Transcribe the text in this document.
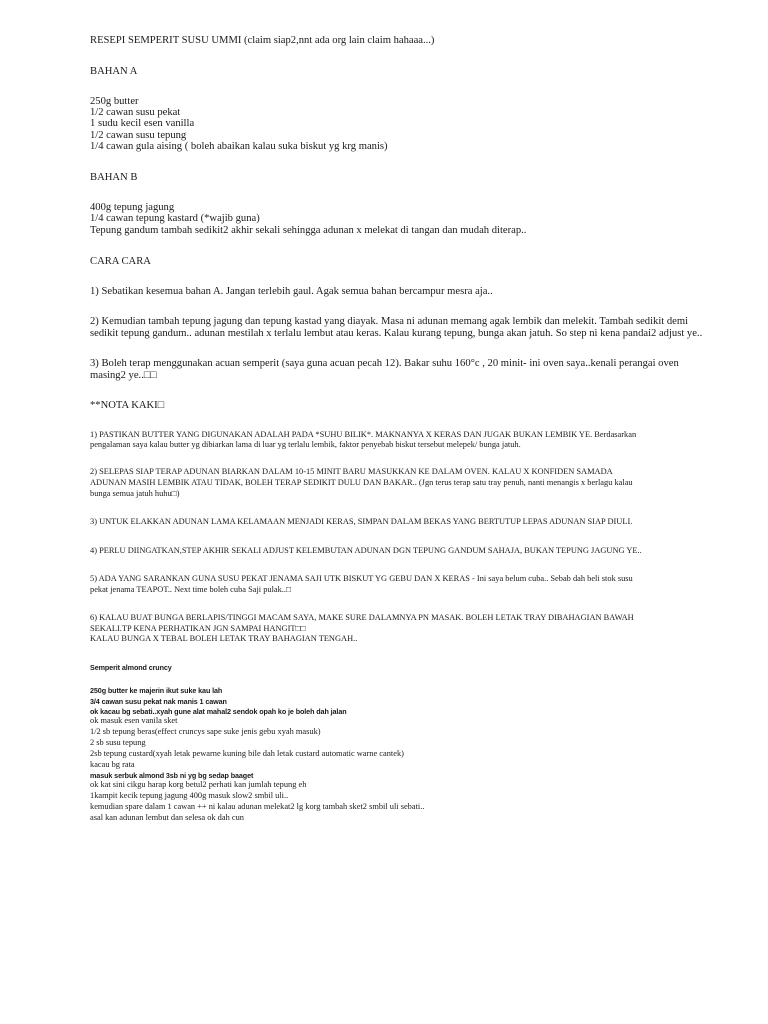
RESEPI SEMPERIT SUSU UMMI (claim siap2,nnt ada org lain claim hahaaa...)

BAHAN A

250g butter

1/2 cawan susu pekat

1 sudu kecil esen vanilla

1/2 cawan susu tepung

1/4 cawan gula aising ( boleh abaikan kalau suka biskut yg krg manis)

BAHAN B

400g tepung jagung

1/4 cawan tepung kastard (*wajib guna)

Tepung gandum tambah sedikit2 akhir sekali sehingga adunan x melekat di tangan dan mudah diterap..

CARA CARA

1) Sebatikan kesemua bahan A. Jangan terlebih gaul. Agak semua bahan bercampur mesra aja..

2) Kemudian tambah tepung jagung dan tepung kastad yang diayak. Masa ni adunan memang agak lembik dan melekit. Tambah sedikit demi

sedikit tepung gandum.. adunan mestilah x terlalu lembut atau keras. Kalau kurang tepung, bunga akan jatuh. So step ni kena pandai2 adjust ye..

3) Boleh terap menggunakan acuan semperit (saya guna acuan pecah 12). Bakar suhu 160°c , 20 minit- ini oven saya..kenali perangai oven

masing2 ye..□□

**NOTA KAKI□

1) PASTIKAN BUTTER YANG DIGUNAKAN ADALAH PADA *SUHU BILIK*. MAKNANYA X KERAS DAN JUGAK BUKAN LEMBIK YE. Berdasarkan

pengalaman saya kalau butter yg dibiarkan lama di luar yg terlalu lembik, faktor penyebab biskut tersebut melepek/ bunga jatuh.

2) SELEPAS SIAP TERAP ADUNAN BIARKAN DALAM 10-15 MINIT BARU MASUKKAN KE DALAM OVEN. KALAU X KONFIDEN SAMADA

ADUNAN MASIH LEMBIK ATAU TIDAK, BOLEH TERAP SEDIKIT DULU DAN BAKAR.. (Jgn terus terap satu tray penuh, nanti menangis x berlagu kalau

bunga semua jatuh huhu□)

3) UNTUK ELAKKAN ADUNAN LAMA KELAMAAN MENJADI KERAS, SIMPAN DALAM BEKAS YANG BERTUTUP LEPAS ADUNAN SIAP DIULI.

4) PERLU DIINGATKAN,STEP AKHIR SEKALI ADJUST KELEMBUTAN ADUNAN DGN TEPUNG GANDUM SAHAJA, BUKAN TEPUNG JAGUNG YE..

5) ADA YANG SARANKAN GUNA SUSU PEKAT JENAMA SAJI UTK BISKUT YG GEBU DAN X KERAS - Ini saya belum cuba.. Sebab dah beli stok susu

pekat jenama TEAPOT.. Next time boleh cuba Saji pulak..□

6) KALAU BUAT BUNGA BERLAPIS/TINGGI MACAM SAYA, MAKE SURE DALAMNYA PN MASAK. BOLEH LETAK TRAY DIBAHAGIAN BAWAH

SEKALI.TP KENA PERHATIKAN JGN SAMPAI HANGIT□□

KALAU BUNGA X TEBAL BOLEH LETAK TRAY BAHAGIAN TENGAH..

Semperit almond cruncy

250g butter ke majerin ikut suke kau lah

3/4 cawan susu pekat nak manis 1 cawan

ok kacau bg sebati..xyah gune alat mahal2 sendok opah ko je boleh dah jalan

ok masuk esen vanila sket

1/2 sb tepung beras(effect cruncys sape suke jenis gebu xyah masuk)

2 sb susu tepung

2sb tepung custard(xyah letak pewarne kuning bile dah letak custard automatic warne cantek)

kacau bg rata

masuk serbuk almond 3sb ni yg bg sedap baaget

ok kat sini cikgu harap korg betul2 perhati kan jumlah tepung eh

1kampit kecik tepung jagung 400g masuk slow2 smbil uli..

kemudian spare dalam 1 cawan ++ ni kalau adunan melekat2 lg korg tambah sket2 smbil uli sebati..

asal kan adunan lembut dan selesa ok dah cun
